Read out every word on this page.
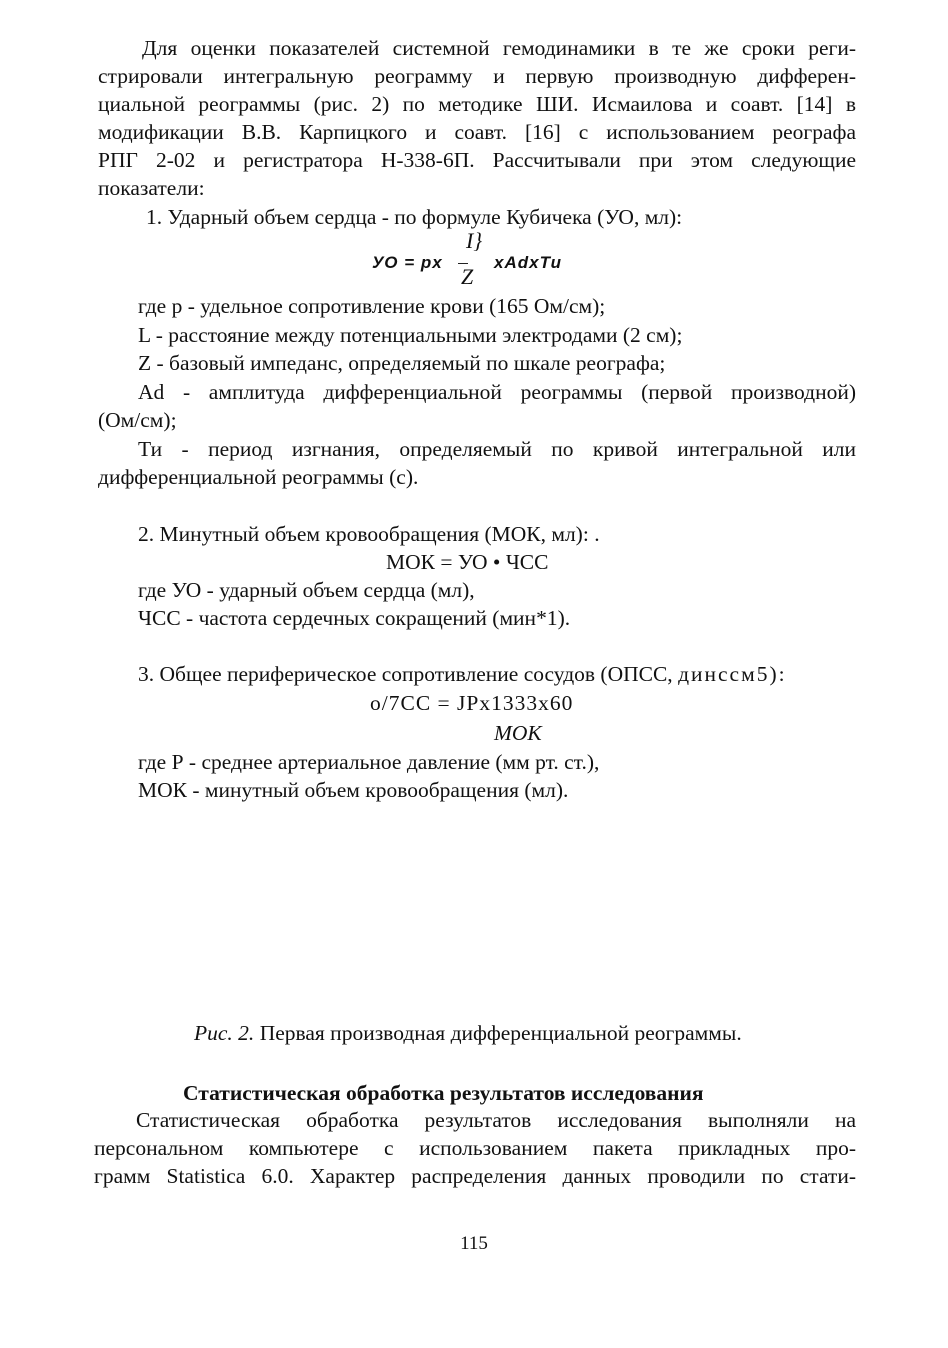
Для оценки показателей системной гемодинамики в те же сроки реги-
стрировали интегральную реограмму и первую производную дифферен-
циальной реограммы (рис. 2) по методике ШИ. Исмаилова и соавт. [14] в
модификации В.В. Карпицкого и соавт. [16] с использованием реографа
РПГ 2-02 и регистратора Н-338-6П. Рассчитывали при этом следующие
показатели:
1. Ударный объем сердца - по формуле Кубичека (УО, мл):
I}
УО = px	xAdxTu
Z
где р - удельное сопротивление крови (165 Ом/см);
L - расстояние между потенциальными электродами (2 см);
Z - базовый импеданс, определяемый по шкале реографа;
Ad - амплитуда дифференциальной реограммы (первой производной)
(Ом/см);
Ти - период изгнания, определяемый по кривой интегральной или
дифференциальной реограммы (с).
2. Минутный объем кровообращения (МОК, мл): .
МОК = УО • ЧСС
где УО - ударный объем сердца (мл),
ЧСС - частота сердечных сокращений (мин*1).
3. Общее периферическое сопротивление сосудов (ОПСС, динссм5):
о/7СС = JPx1333x60
МОК
где Р - среднее артериальное давление (мм рт. ст.),
МОК - минутный объем кровообращения (мл).
Рис. 2. Первая производная дифференциальной реограммы.
Статистическая обработка результатов исследования
Статистическая обработка результатов исследования выполняли на
персональном компьютере с использованием пакета прикладных про-
грамм Statistica 6.0. Характер распределения данных проводили по стати-
115
